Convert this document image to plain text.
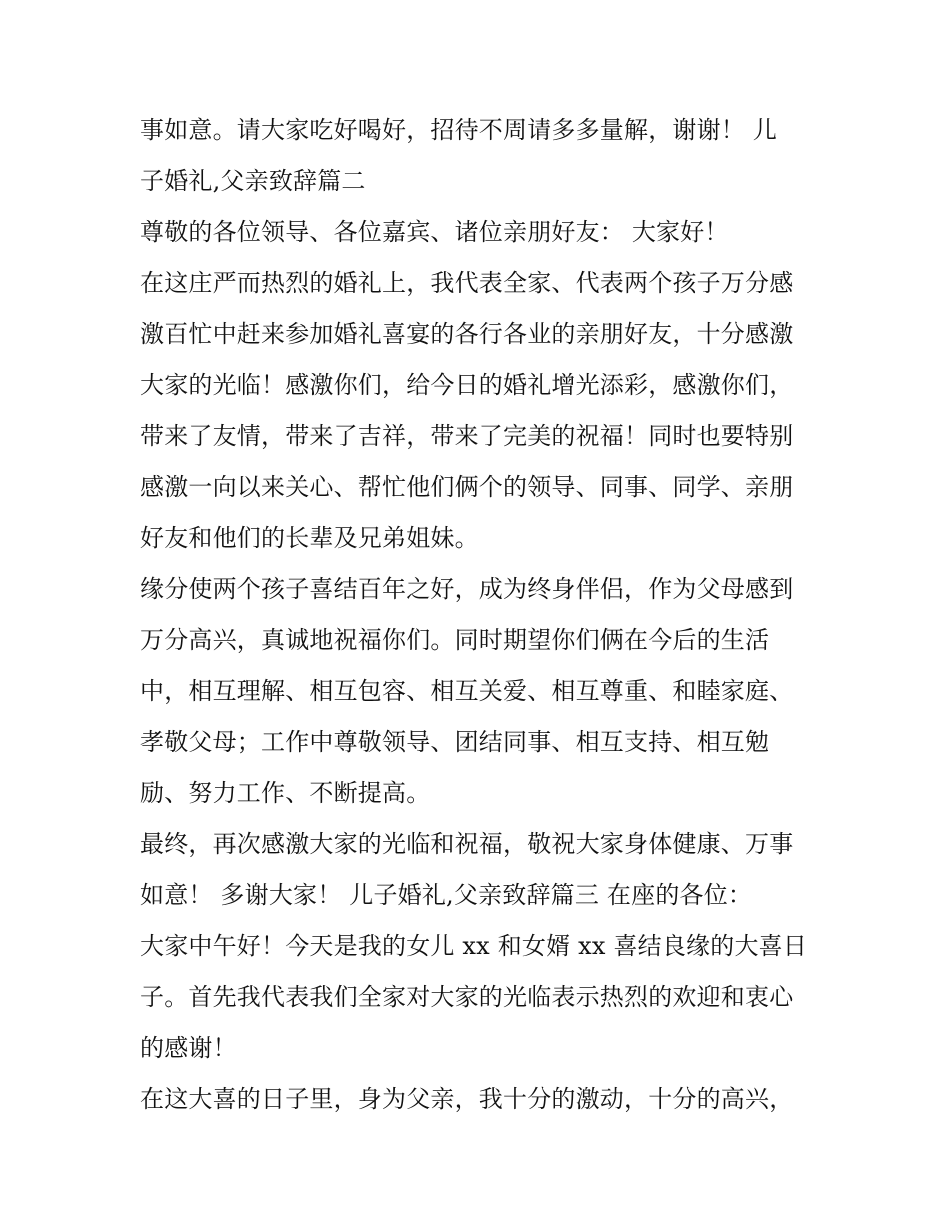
事如意。请大家吃好喝好，招待不周请多多量解，谢谢！ 儿
子婚礼,父亲致辞篇二
尊敬的各位领导、各位嘉宾、诸位亲朋好友： 大家好！
在这庄严而热烈的婚礼上，我代表全家、代表两个孩子万分感
激百忙中赶来参加婚礼喜宴的各行各业的亲朋好友，十分感激
大家的光临！感激你们，给今日的婚礼增光添彩，感激你们，
带来了友情，带来了吉祥，带来了完美的祝福！同时也要特别
感激一向以来关心、帮忙他们俩个的领导、同事、同学、亲朋
好友和他们的长辈及兄弟姐妹。
缘分使两个孩子喜结百年之好，成为终身伴侣，作为父母感到
万分高兴，真诚地祝福你们。同时期望你们俩在今后的生活
中，相互理解、相互包容、相互关爱、相互尊重、和睦家庭、
孝敬父母；工作中尊敬领导、团结同事、相互支持、相互勉
励、努力工作、不断提高。
最终，再次感激大家的光临和祝福，敬祝大家身体健康、万事
如意！ 多谢大家！ 儿子婚礼,父亲致辞篇三 在座的各位：
大家中午好！今天是我的女儿 xx 和女婿 xx 喜结良缘的大喜日
子。首先我代表我们全家对大家的光临表示热烈的欢迎和衷心
的感谢！
在这大喜的日子里，身为父亲，我十分的激动，十分的高兴，
